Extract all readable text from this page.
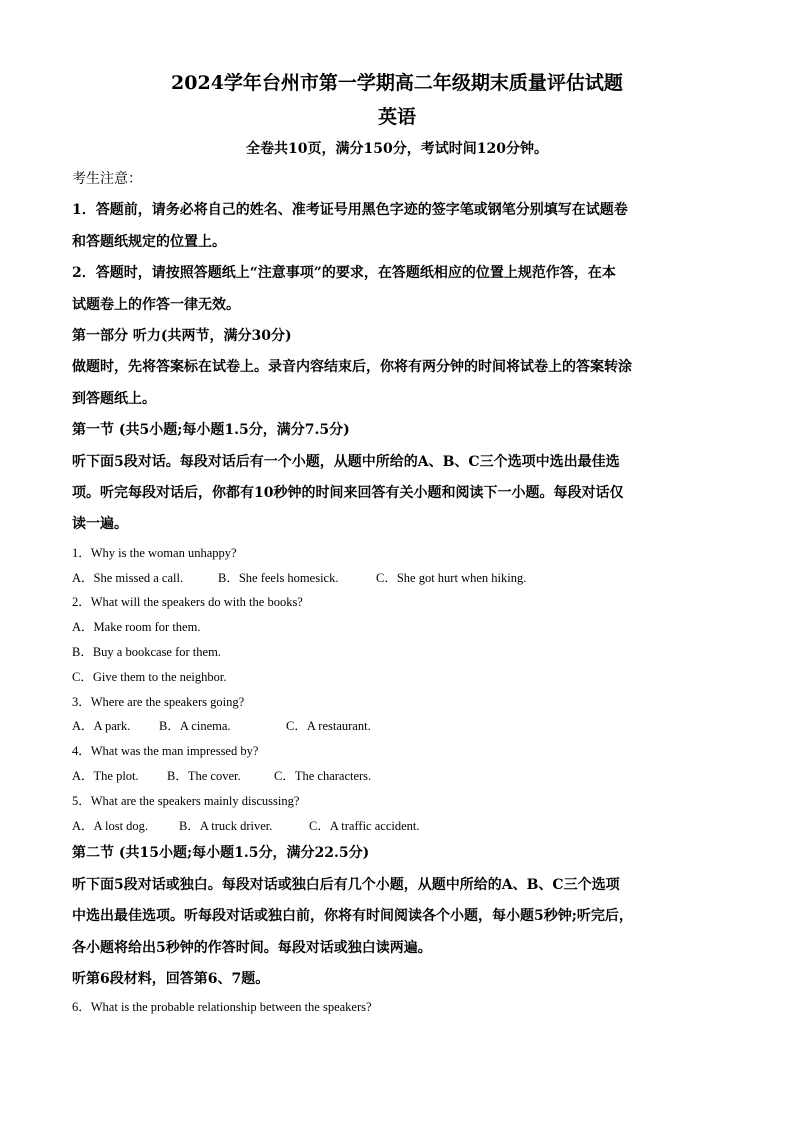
2024学年台州市第一学期高二年级期末质量评估试题

英语

全卷共10页，满分150分，考试时间120分钟。

考生注意：

1．答题前，请务必将自己的姓名、准考证号用黑色字迹的签字笔或钢笔分别填写在试题卷

和答题纸规定的位置上。

2．答题时，请按照答题纸上“注意事项”的要求，在答题纸相应的位置上规范作答，在本

试题卷上的作答一律无效。

第一部分 听力(共两节，满分30分)

做题时，先将答案标在试卷上。录音内容结束后，你将有两分钟的时间将试卷上的答案转涂

到答题纸上。

第一节 (共5小题;每小题1.5分，满分7.5分)

听下面5段对话。每段对话后有一个小题，从题中所给的A、B、C三个选项中选出最佳选

项。听完每段对话后，你都有10秒钟的时间来回答有关小题和阅读下一小题。每段对话仅

读一遍。

1．Why is the woman unhappy?

A．She missed a call.	B．She feels homesick.	C．She got hurt when hiking.

2．What will the speakers do with the books?

A．Make room for them.

B．Buy a bookcase for them.

C．Give them to the neighbor.

3．Where are the speakers going?

A．A park. B．A cinema.	C．A restaurant.

4．What was the man impressed by?

A．The plot. B．The cover.	C．The characters.

5．What are the speakers mainly discussing?

A．A lost dog. B．A truck driver.	C．A traffic accident.

第二节 (共15小题;每小题1.5分，满分22.5分)

听下面5段对话或独白。每段对话或独白后有几个小题，从题中所给的A、B、C三个选项

中选出最佳选项。听每段对话或独白前，你将有时间阅读各个小题，每小题5秒钟;听完后，

各小题将给出5秒钟的作答时间。每段对话或独白读两遍。

听第6段材料，回答第6、7题。

6．What is the probable relationship between the speakers?
